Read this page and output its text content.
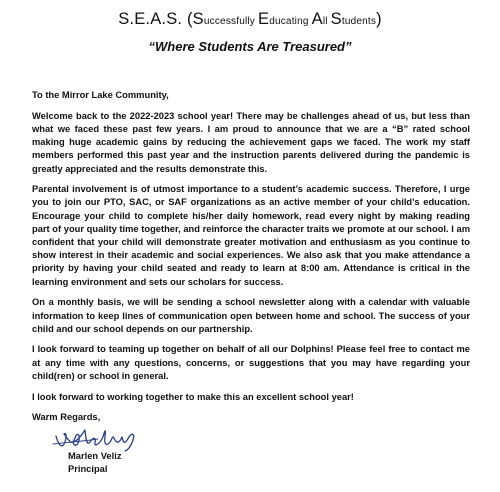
S.E.A.S. (Successfully Educating All Students)
“Where Students Are Treasured”

To the Mirror Lake Community,

Welcome back to the 2022-2023 school year! There may be challenges ahead of us, but less than what we faced these past few years. I am proud to announce that we are a “B” rated school making huge academic gains by reducing the achievement gaps we faced. The work my staff members performed this past year and the instruction parents delivered during the pandemic is greatly appreciated and the results demonstrate this.

Parental involvement is of utmost importance to a student’s academic success. Therefore, I urge you to join our PTO, SAC, or SAF organizations as an active member of your child’s education. Encourage your child to complete his/her daily homework, read every night by making reading part of your quality time together, and reinforce the character traits we promote at our school. I am confident that your child will demonstrate greater motivation and enthusiasm as you continue to show interest in their academic and social experiences. We also ask that you make attendance a priority by having your child seated and ready to learn at 8:00 am. Attendance is critical in the learning environment and sets our scholars for success.

On a monthly basis, we will be sending a school newsletter along with a calendar with valuable information to keep lines of communication open between home and school. The success of your child and our school depends on our partnership.

I look forward to teaming up together on behalf of all our Dolphins! Please feel free to contact me at any time with any questions, concerns, or suggestions that you may have regarding your child(ren) or school in general.

I look forward to working together to make this an excellent school year!

Warm Regards,

Marlen Veliz
Principal
